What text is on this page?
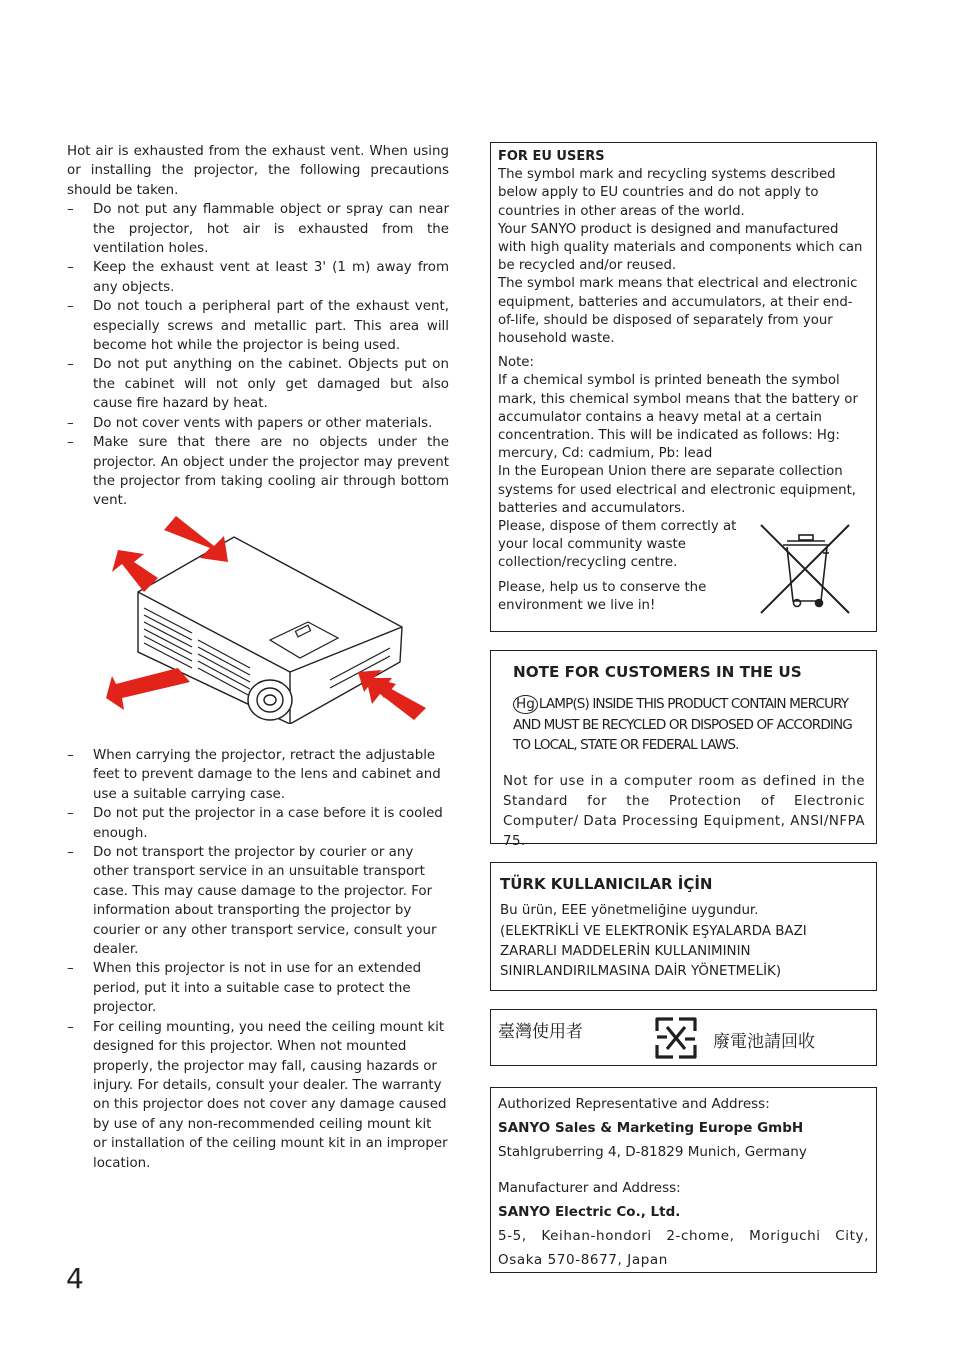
Hot air is exhausted from the exhaust vent. When using or installing the projector, the following precautions should be taken.

– Do not put any flammable object or spray can near the projector, hot air is exhausted from the ventilation holes.
– Keep the exhaust vent at least 3' (1 m) away from any objects.
– Do not touch a peripheral part of the exhaust vent, especially screws and metallic part. This area will become hot while the projector is being used.
– Do not put anything on the cabinet. Objects put on the cabinet will not only get damaged but also cause fire hazard by heat.
– Do not cover vents with papers or other materials.
– Make sure that there are no objects under the projector. An object under the projector may prevent the projector from taking cooling air through bottom vent.
– When carrying the projector, retract the adjustable feet to prevent damage to the lens and cabinet and use a suitable carrying case.
– Do not put the projector in a case before it is cooled enough.
– Do not transport the projector by courier or any other transport service in an unsuitable transport case. This may cause damage to the projector. For information about transporting the projector by courier or any other transport service, consult your dealer.
– When this projector is not in use for an extended period, put it into a suitable case to protect the projector.
– For ceiling mounting, you need the ceiling mount kit designed for this projector. When not mounted properly, the projector may fall, causing hazards or injury. For details, consult your dealer. The warranty on this projector does not cover any damage caused by use of any non-recommended ceiling mount kit or installation of the ceiling mount kit in an improper location.

FOR EU USERS

The symbol mark and recycling systems described below apply to EU countries and do not apply to countries in other areas of the world.

Your SANYO product is designed and manufactured with high quality materials and components which can be recycled and/or reused.

The symbol mark means that electrical and electronic equipment, batteries and accumulators, at their end-of-life, should be disposed of separately from your household waste.

Note:

If a chemical symbol is printed beneath the symbol mark, this chemical symbol means that the battery or accumulator contains a heavy metal at a certain concentration. This will be indicated as follows: Hg: mercury, Cd: cadmium, Pb: lead

In the European Union there are separate collection systems for used electrical and electronic equipment, batteries and accumulators.

Please, dispose of them correctly at your local community waste collection/recycling centre.

Please, help us to conserve the environment we live in!

NOTE FOR CUSTOMERS IN THE US
Hg LAMP(S) INSIDE THIS PRODUCT CONTAIN MERCURY AND MUST BE RECYCLED OR DISPOSED OF ACCORDING TO LOCAL, STATE OR FEDERAL LAWS.
Not for use in a computer room as defined in the Standard for the Protection of Electronic Computer/ Data Processing Equipment, ANSI/NFPA 75.
TÜRK KULLANICILAR İÇİN
Bu ürün, EEE yönetmeliğine uygundur.
(ELEKTRİKLİ VE ELEKTRONİK EŞYALARDA BAZI ZARARLI MADDELERİN KULLANIMININ SINIRLANDIRILMASINA DAİR YÖNETMELİK)
臺灣使用者	廢電池請回收
Authorized Representative and Address:
SANYO Sales & Marketing Europe GmbH
Stahlgruberring 4, D-81829 Munich, Germany
Manufacturer and Address:
SANYO Electric Co., Ltd.
5-5, Keihan-hondori 2-chome, Moriguchi City, Osaka 570-8677, Japan
4
